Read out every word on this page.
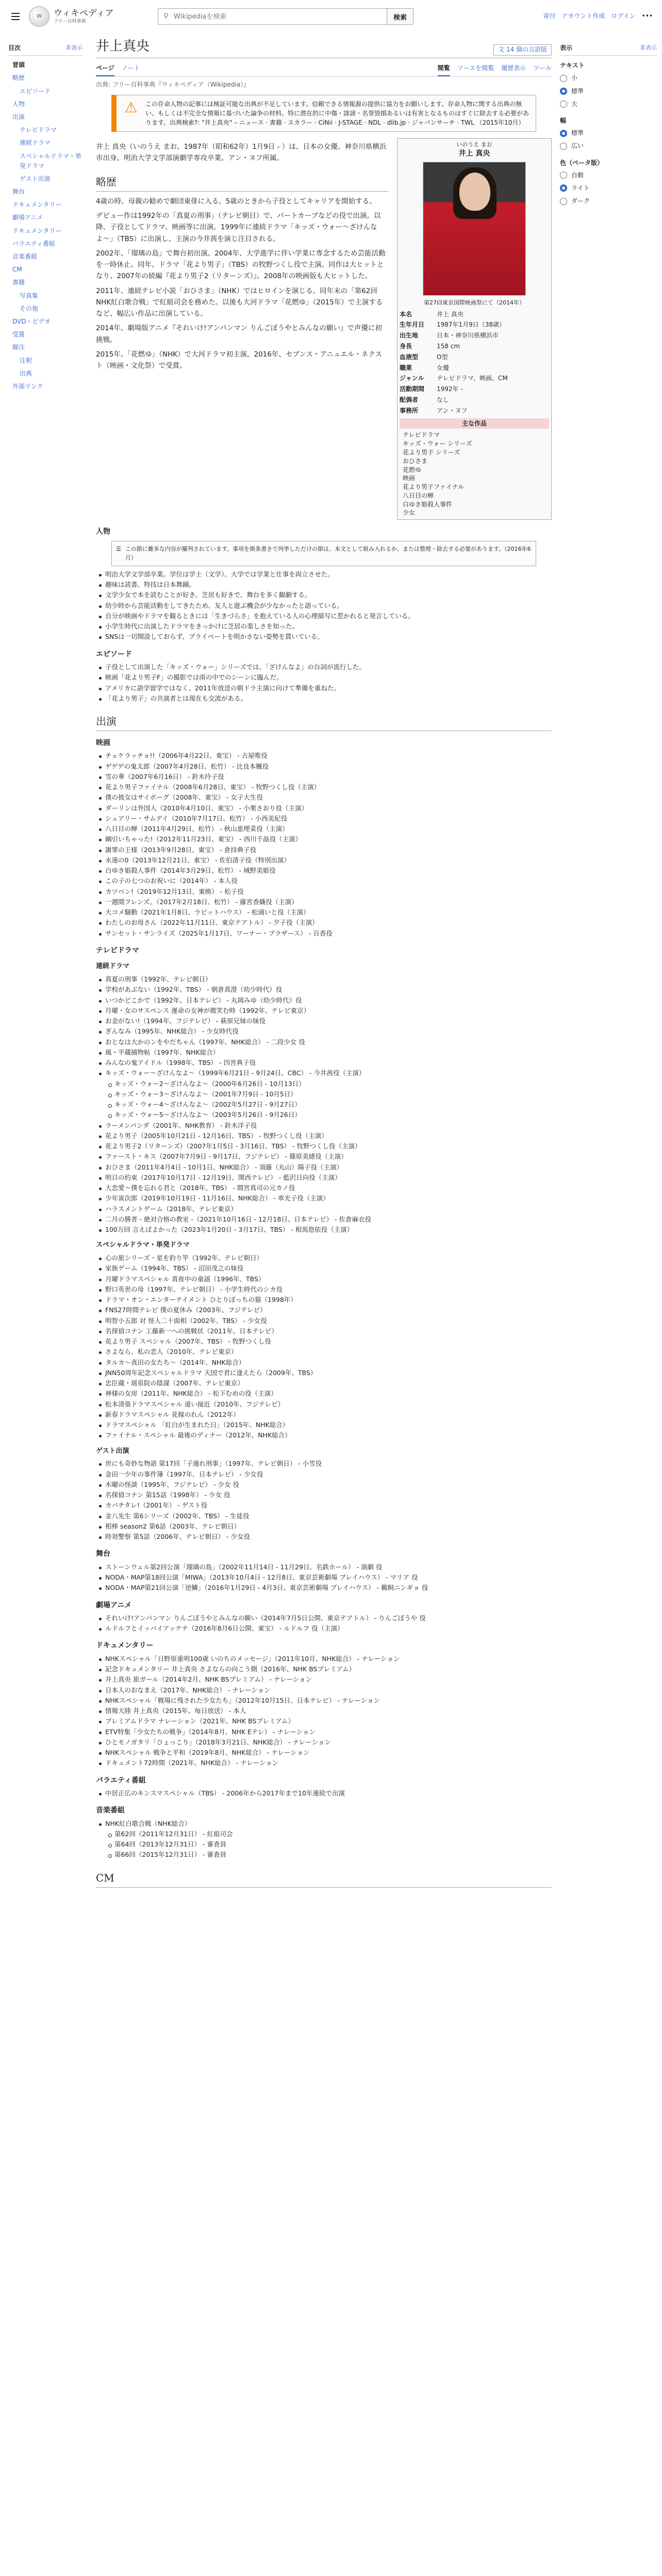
W	ウィキペディア
フリー百科事典
⚲
Wikipediaを検索	検索	寄付 アカウント作成 ログイン •••
目次	非表示
冒頭
略歴
エピソード
人物
出演
テレビドラマ
連続ドラマ
スペシャルドラマ・単発ドラマ
ゲスト出演
舞台
ドキュメンタリー
劇場アニメ
ドキュメンタリー
バラエティ番組
音楽番組
CM
書籍
写真集
その他
DVD・ビデオ
受賞
脚注
注釈
出典
外部リンク
井上真央	文 14 個の言語版
ページ ノート	閲覧 ソースを閲覧 履歴表示 ツール
出典: フリー百科事典『ウィキペディア（Wikipedia）』
⚠	この存命人物の記事には検証可能な出典が不足しています。信頼できる情報源の提供に協力をお願いします。存命人物に関する出典の無い、もしくは不完全な情報に基づいた論争の材料、特に潜在的に中傷・誹謗・名誉毀損あるいは有害となるものはすぐに除去する必要があります。出典検索?: "井上真央" – ニュース · 書籍 · スカラー · CiNii · J-STAGE · NDL · dlib.jp · ジャパンサーチ · TWL （2015年10月）

井上 真央（いのうえ まお、1987年（昭和62年）1月9日 - ）は、日本の女優。神奈川県横浜市出身。明治大学文学部演劇学専攻卒業。アン・ヌフ所属。

略歴

4歳の時、母親の勧めで劇団東俳に入る。5歳のときから子役としてキャリアを開始する。

デビュー作は1992年の「真夏の刑事」（テレビ朝日）で、パートカーブなどの役で出演。以降、子役としてドラマ、映画等に出演。1999年に連続ドラマ「キッズ・ウォー〜ざけんなよ〜」（TBS）に出演し、主演の今井茜を演じ注目される。

2002年、「瑠璃の島」で舞台初出演。2004年、大学進学に伴い学業に専念するため芸能活動を一時休止。同年、ドラマ「花より男子」（TBS）の牧野つくし役で主演。同作は大ヒットとなり、2007年の続編『花より男子2（リターンズ）』、2008年の映画版も大ヒットした。

2011年、連続テレビ小説「おひさま」（NHK）ではヒロインを演じる。同年末の「第62回NHK紅白歌合戦」で紅組司会を務めた。以後も大河ドラマ「花燃ゆ」（2015年）で主演するなど、幅広い作品に出演している。

2014年、劇場版アニメ『それいけ!アンパンマン りんごぼうやとみんなの願い』で声優に初挑戦。

2015年、「花燃ゆ」（NHK）で大河ドラマ初主演。2016年、セブンス・アニュエル・ネクスト（映画・文化祭）で受賞。

いのうえ まお
井上 真央
第27回東京国際映画祭にて（2014年）
本名	井上 真央
生年月日	1987年1月9日（38歳）
出生地	日本・神奈川県横浜市
身長	158 cm
血液型	O型
職業	女優
ジャンル	テレビドラマ、映画、CM
活動期間	1992年 -
配偶者	なし
事務所	アン・ヌフ
主な作品
テレビドラマ
キッズ・ウォー シリーズ
花より男子 シリーズ
おひさま
花燃ゆ
映画
花より男子ファイナル
八日目の蝉
白ゆき姫殺人事件
少女
人物
☰ この節に雑多な内容が羅列されています。事項を箇条書きで列挙しただけの節は、本文として組み入れるか、または整理・除去する必要があります。（2016年6月）
明治大学文学部卒業。学位は学士（文学）。大学では学業と仕事を両立させた。
趣味は読書、特技は日本舞踊。
文学少女で本を読むことが好き。芝居も好きで、舞台を多く観劇する。
幼少時から芸能活動をしてきたため、友人と遊ぶ機会が少なかったと語っている。
自分が映画やドラマを観るときには「生きづらさ」を抱えている人の心理描写に惹かれると発言している。
小学生時代に出演したドラマをきっかけに芝居の楽しさを知った。
SNSは一切開設しておらず、プライベートを明かさない姿勢を貫いている。
エピソード
子役として出演した「キッズ・ウォー」シリーズでは、「ざけんなよ」の台詞が流行した。
映画「花より男子F」の撮影では雨の中でのシーンに臨んだ。
アメリカに語学留学ではなく、2011年放送の朝ドラ主演に向けて準備を重ねた。
「花より男子」の共演者とは現在も交流がある。
出演
映画
チェケラッチョ!!（2006年4月22日、東宝） - 古屋唯役
ゲゲゲの鬼太郎（2007年4月28日、松竹） - 比良本楓役
雪の華（2007年6月16日） - 鈴木玲子役
花より男子ファイナル（2008年6月28日、東宝） - 牧野つくし役（主演）
僕の彼女はサイボーグ（2008年、東宝） - 女子大生役
ダーリンは外国人（2010年4月10日、東宝） - 小栗さおり役（主演）
シュアリー・サムデイ（2010年7月17日、松竹） - 小西美紀役
八日目の蝉（2011年4月29日、松竹） - 秋山恵理菜役（主演）
綱引いちゃった!（2012年11月23日、東宝） - 西川千晶役（主演）
謝罪の王様（2013年9月28日、東宝） - 倉持典子役
永遠の0（2013年12月21日、東宝） - 佐伯清子役（特別出演）
白ゆき姫殺人事件（2014年3月29日、松竹） - 城野美姫役
この子の七つのお祝いに（2014年） - 本人役
カツベン!（2019年12月13日、東映） - 松子役
一週間フレンズ。（2017年2月18日、松竹） - 藤宮香織役（主演）
大コメ騒動（2021年1月8日、ラビットハウス） - 松浦いと役（主演）
わたしのお母さん（2022年11月11日、東京テアトル） - 夕子役（主演）
サンセット・サンライズ（2025年1月17日、ワーナー・ブラザース） - 百香役
テレビドラマ
連続ドラマ
真夏の刑事（1992年、テレビ朝日）
学校があぶない（1992年、TBS） - 朝倉真澄（幼少時代）役
いつかどこかで（1992年、日本テレビ） - 丸岡みゆ（幼少時代）役
月曜・女のサスペンス 運命の女神が微笑む時（1992年、テレビ東京）
お金がない!（1994年、フジテレビ） - 萩原兄妹の妹役
ぎんなみ（1995年、NHK総合） - 少女時代役
おとなは大かのンをやだちゃん（1997年、NHK総合） - 二段少女 役
風・平蔵捕物帖（1997年、NHK総合）
みんなの鬼アイドル（1998年、TBS） - 四宮典子役
キッズ・ウォー〜ざけんなよ〜（1999年6月21日 - 9月24日、CBC） - 今井茜役（主演）
キッズ・ウォー2〜ざけんなよ〜（2000年6月26日 - 10月13日）
キッズ・ウォー3〜ざけんなよ〜（2001年7月9日 - 10月5日）
キッズ・ウォー4〜ざけんなよ〜（2002年5月27日 - 9月27日）
キッズ・ウォー5〜ざけんなよ〜（2003年5月26日 - 9月26日）
ラーメンパンダ（2001年、NHK教育） - 鈴木洋子役
花より男子（2005年10月21日 - 12月16日、TBS） - 牧野つくし役（主演）
花より男子2（リターンズ）（2007年1月5日 - 3月16日、TBS） - 牧野つくし役（主演）
ファースト・キス（2007年7月9日 - 9月17日、フジテレビ） - 篠原美緒役（主演）
おひさま（2011年4月4日 - 10月1日、NHK総合） - 須藤（丸山）陽子役（主演）
明日の約束（2017年10月17日 - 12月19日、関西テレビ） - 藍沢日向役（主演）
大恋愛〜僕を忘れる君と（2018年、TBS） - 間宮真司の元カノ役
少年寅次郎（2019年10月19日 - 11月16日、NHK総合） - 車光子役（主演）
ハラスメントゲーム（2018年、テレビ東京）
二月の勝者 - 絶対合格の教室 -（2021年10月16日 - 12月18日、日本テレビ） - 佐倉麻衣役
100万回 言えばよかった（2023年1月20日 - 3月17日、TBS） - 相馬悠依役（主演）
スペシャルドラマ・単発ドラマ
心の旅シリーズ・星を釣り竿（1992年、テレビ朝日）
家族ゲーム（1994年、TBS） - 沼田茂之の妹役
月曜ドラマスペシャル 真夜中の童謡（1996年、TBS）
野口英世の母（1997年、テレビ朝日） - 小学生時代のシカ役
ドラマ・オン・エンターテイメント ひとりぼっちの猫（1998年）
FNS27時間テレビ 僕の夏休み（2003年、フジテレビ）
明智小五郎 対 怪人二十面相（2002年、TBS） - 少女役
名探偵コナン 工藤新一への挑戦状（2011年、日本テレビ）
花より男子 スペシャル（2007年、TBS） - 牧野つくし役
さよなら、私の恋人（2010年、テレビ東京）
タルカ〜真田の女たち〜（2014年、NHK総合）
JNN50周年記念スペシャルドラマ 天国で君に逢えたら（2009年、TBS）
忠臣蔵・瑶泉院の陰謀（2007年、テレビ東京）
神様の女房（2011年、NHK総合） - 松下むめの役（主演）
松本清張ドラマスペシャル 遠い接近（2010年、フジテレビ）
新春ドラマスペシャル 花嫁のれん（2012年）
ドラマスペシャル 「紅白が生まれた日」（2015年、NHK総合）
ファイナル・スペシャル 最後のディナー（2012年、NHK総合）
ゲスト出演
世にも奇妙な物語 第17回「子連れ刑事」（1997年、テレビ朝日） - 小雪役
金田一少年の事件簿（1997年、日本テレビ） - 少女役
木曜の怪談（1995年、フジテレビ） - 少女 役
名探偵コナン 第15話（1998年） - 少女 役
カバチタレ!（2001年） - ゲスト役
金八先生 第6シリーズ（2002年、TBS） - 生徒役
相棒 season2 第6話（2003年、テレビ朝日）
時効警察 第5話（2006年、テレビ朝日） - 少女役
舞台
ストーンウェル第2回公演「瑠璃の島」（2002年11月14日 - 11月29日、名鉄ホール） - 演劇 役
NODA・MAP第18回公演「MIWA」（2013年10月4日 - 12月8日、東京芸術劇場 プレイハウス） - マリア 役
NODA・MAP第21回公演「逆鱗」（2016年1月29日 - 4月3日、東京芸術劇場 プレイハウス） - 鵜飼ニンギョ 役
劇場アニメ
それいけ!アンパンマン りんごぼうやとみんなの願い（2014年7月5日公開、東京テアトル） - りんごぼうや 役
ルドルフとイッパイアッテナ（2016年8月6日公開、東宝） - ルドルフ 役（主演）
ドキュメンタリー
NHKスペシャル「日野原重明100歳 いのちのメッセージ」（2011年10月、NHK総合） - ナレーション
記念ドキュメンタリー 井上真央 さよならの向こう側（2016年、NHK BSプレミアム）
井上真央 旅ガール（2014年2月、NHK BSプレミアム） - ナレーション
日本人のおなまえ（2017年、NHK総合） - ナレーション
NHKスペシャル「戦場に残された少女たち」（2012年10月15日、日本テレビ） - ナレーション
情報大陸 井上真央（2015年、毎日放送） - 本人
プレミアムドラマ ナレーション（2021年、NHK BSプレミアム）
ETV特集「少女たちの戦争」（2014年8月、NHK Eテレ） - ナレーション
ひとモノガタリ「ひょっこり」（2018年3月21日、NHK総合） - ナレーション
NHKスペシャル 戦争と平和（2019年8月、NHK総合） - ナレーション
ドキュメント72時間（2021年、NHK総合） - ナレーション
バラエティ番組
中居正広のキンスマスペシャル（TBS） - 2006年から2017年まで10年連続で出演
音楽番組
NHK紅白歌合戦（NHK総合）
第62回（2011年12月31日） - 紅組司会
第64回（2013年12月31日） - 審査員
第66回（2015年12月31日） - 審査員
CM
表示	非表示
テキスト
小
標準
大
幅
標準
広い
色（ベータ版）
自動
ライト
ダーク
